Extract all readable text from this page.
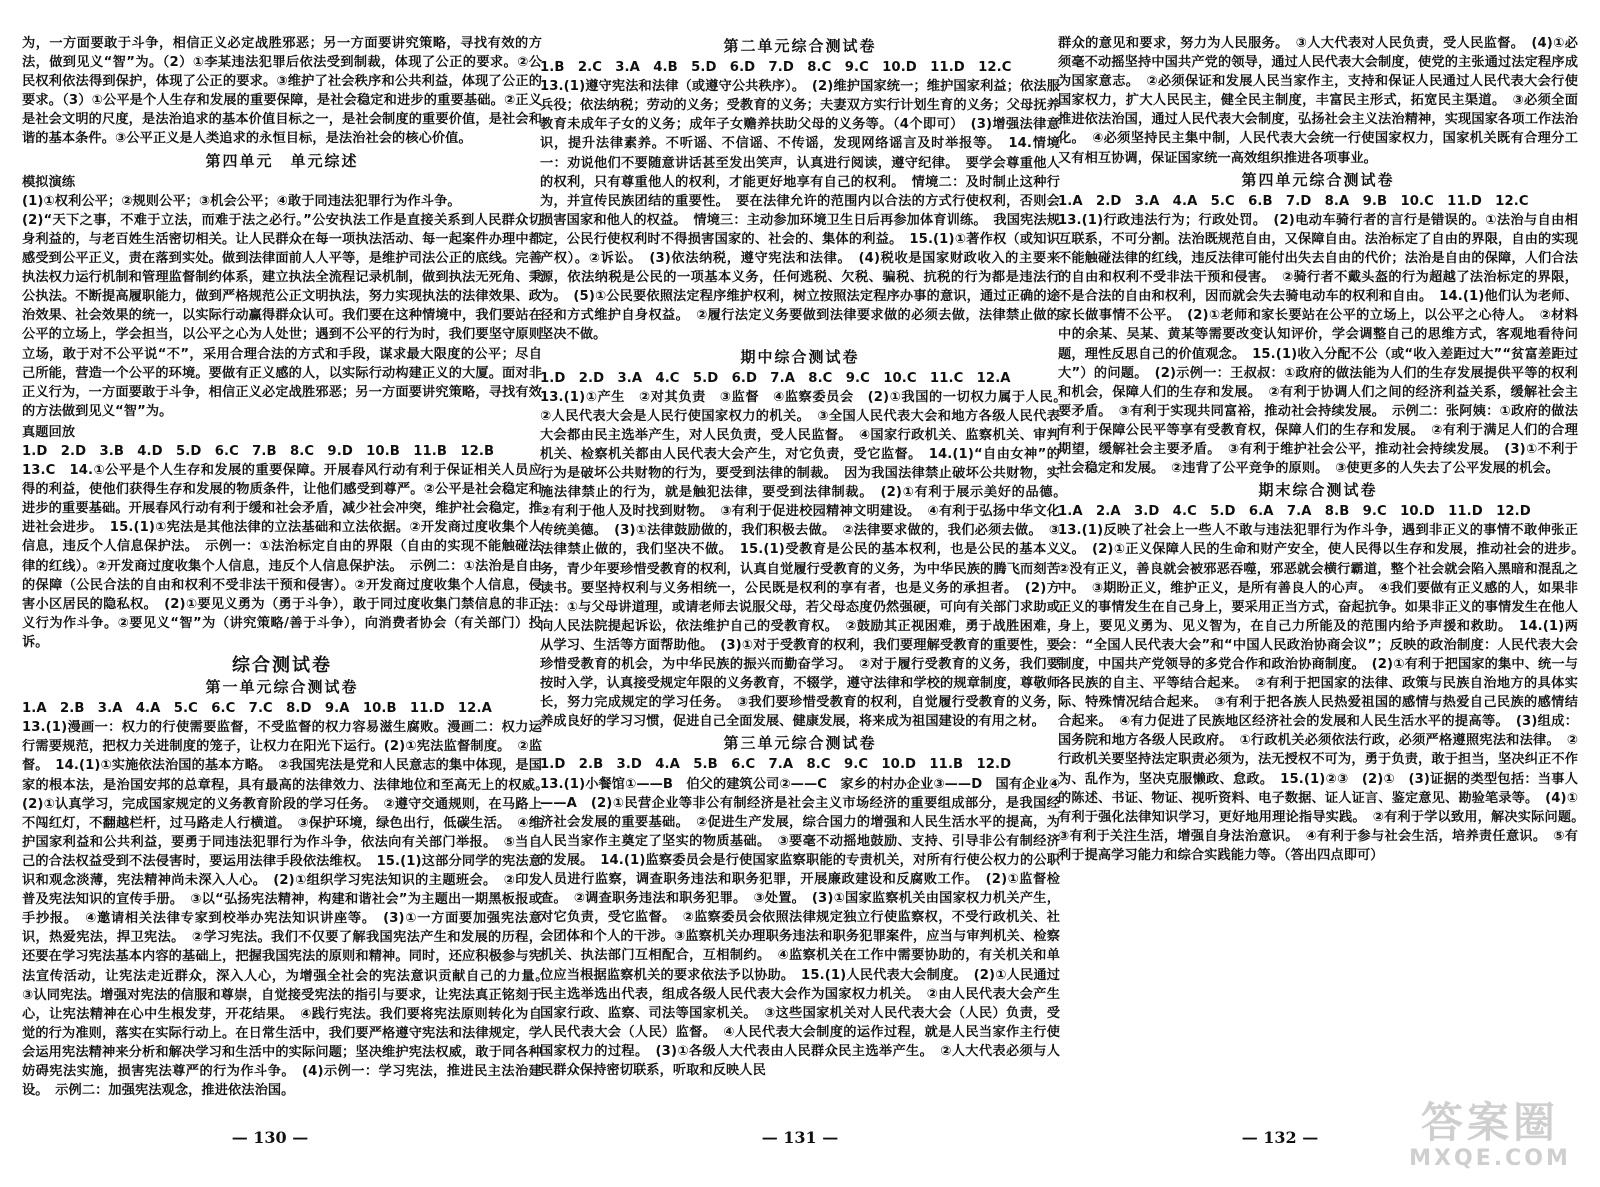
为，一方面要敢于斗争，相信正义必定战胜邪恶；另一方面要讲究策略，寻找有效的方法，做到见义“智”为。（2）①李某违法犯罪后依法受到制裁，体现了公正的要求。②公民权利依法得到保护，体现了公正的要求。③维护了社会秩序和公共利益，体现了公正的要求。（3）①公平是个人生存和发展的重要保障，是社会稳定和进步的重要基础。②正义是社会文明的尺度，是法治追求的基本价值目标之一，是社会制度的重要价值，是社会和谐的基本条件。③公平正义是人类追求的永恒目标，是法治社会的核心价值。

第四单元　单元综述
模拟演练

(1)①权利公平；②规则公平；③机会公平；④敢于同违法犯罪行为作斗争。

(2)“天下之事，不难于立法，而难于法之必行。”公安执法工作是直接关系到人民群众切身利益的，与老百姓生活密切相关。让人民群众在每一项执法活动、每一起案件办理中都感受到公平正义，责在落到实处。做到法律面前人人平等，是维护司法公正的底线。完善执法权力运行机制和管理监督制约体系，建立执法全流程记录机制，做到执法无死角、秉公执法。不断提高履职能力，做到严格规范公正文明执法，努力实现执法的法律效果、政治效果、社会效果的统一，以实际行动赢得群众认可。我们要在这种情境中，我们要站在公平的立场上，学会担当，以公平之心为人处世；遇到不公平的行为时，我们要坚守原则立场，敢于对不公平说“不”，采用合理合法的方式和手段，谋求最大限度的公平；尽自己所能，营造一个公平的环境。要做有正义感的人，以实际行动构建正义的大厦。面对非正义行为，一方面要敢于斗争，相信正义必定战胜邪恶；另一方面要讲究策略，寻找有效的方法做到见义“智”为。

真题回放

1.D　2.D　3.B　4.D　5.D　6.C　7.B　8.C　9.D　10.B　11.B　12.B

13.C　14.①公平是个人生存和发展的重要保障。开展春风行动有利于保证相关人员应得的利益，使他们获得生存和发展的物质条件，让他们感受到尊严。②公平是社会稳定和进步的重要基础。开展春风行动有利于缓和社会矛盾，减少社会冲突，维护社会稳定，推进社会进步。　15.(1)①宪法是其他法律的立法基础和立法依据。②开发商过度收集个人信息，违反个人信息保护法。　示例一：①法治标定自由的界限（自由的实现不能触碰法律的红线）。②开发商过度收集个人信息，违反个人信息保护法。　示例二：①法治是自由的保障（公民合法的自由和权利不受非法干预和侵害）。②开发商过度收集个人信息，侵害小区居民的隐私权。　(2)①要见义勇为（勇于斗争），敢于同过度收集门禁信息的非正义行为作斗争。②要见义“智”为（讲究策略/善于斗争），向消费者协会（有关部门）投诉。

综合测试卷
第一单元综合测试卷

1.A　2.B　3.A　4.A　5.C　6.C　7.C　8.D　9.A　10.B　11.D　12.A

13.(1)漫画一：权力的行使需要监督，不受监督的权力容易滋生腐败。漫画二：权力运行需要规范，把权力关进制度的笼子，让权力在阳光下运行。(2)①宪法监督制度。　②监督。　14.(1)①实施依法治国的基本方略。　②我国宪法是党和人民意志的集中体现，是国家的根本法，是治国安邦的总章程，具有最高的法律效力、法律地位和至高无上的权威。　(2)①认真学习，完成国家规定的义务教育阶段的学习任务。　②遵守交通规则，在马路上不闯红灯，不翻越栏杆，过马路走人行横道。　③保护环境，绿色出行，低碳生活。　④维护国家利益和公共利益，要勇于同违法犯罪行为作斗争，依法向有关部门举报。　⑤当自己的合法权益受到不法侵害时，要运用法律手段依法维权。　15.(1)这部分同学的宪法意识和观念淡薄，宪法精神尚未深入人心。　(2)①组织学习宪法知识的主题班会。　②印发普及宪法知识的宣传手册。　③以“弘扬宪法精神，构建和谐社会”为主题出一期黑板报或手抄报。　④邀请相关法律专家到校举办宪法知识讲座等。　(3)①一方面要加强宪法意识，热爱宪法，捍卫宪法。　②学习宪法。我们不仅要了解我国宪法产生和发展的历程，还要在学习宪法基本内容的基础上，把握我国宪法的原则和精神。同时，还应积极参与宪法宣传活动，让宪法走近群众，深入人心，为增强全社会的宪法意识贡献自己的力量。　③认同宪法。增强对宪法的信服和尊崇，自觉接受宪法的指引与要求，让宪法真正铭刻于心，让宪法精神在心中生根发芽，开花结果。　④践行宪法。我们要将宪法原则转化为自觉的行为准则，落实在实际行动上。在日常生活中，我们要严格遵守宪法和法律规定，学会运用宪法精神来分析和解决学习和生活中的实际问题；坚决维护宪法权威，敢于同各种妨碍宪法实施，损害宪法尊严的行为作斗争。　(4)示例一：学习宪法，推进民主法治建设。　示例二：加强宪法观念，推进依法治国。

第二单元综合测试卷

1.B　2.C　3.A　4.B　5.D　6.D　7.D　8.C　9.C　10.D　11.D　12.C

13.(1)遵守宪法和法律（或遵守公共秩序）。　(2)维护国家统一；维护国家利益；依法服兵役；依法纳税；劳动的义务；受教育的义务；夫妻双方实行计划生育的义务；父母抚养教育未成年子女的义务；成年子女赡养扶助父母的义务等。（4个即可）　(3)增强法律意识，提升法律素养。不听谣、不信谣、不传谣，发现网络谣言及时举报等。　14.情境一：劝说他们不要随意讲话甚至发出笑声，认真进行阅读，遵守纪律。　要学会尊重他人的权利，只有尊重他人的权利，才能更好地享有自己的权利。　情境二：及时制止这种行为，并宣传民族团结的重要性。　要在法律允许的范围内以合法的方式行使权利，否则会损害国家和他人的权益。　情境三：主动参加环境卫生日后再参加体育训练。　我国宪法规定，公民行使权利时不得损害国家的、社会的、集体的利益。　15.(1)①著作权（或知识产权）。②诉讼。　(3)依法纳税，遵守宪法和法律。　(4)税收是国家财政收入的主要来源，依法纳税是公民的一项基本义务，任何逃税、欠税、骗税、抗税的行为都是违法行为。　(5)①公民要依照法定程序维护权利，树立按照法定程序办事的意识，通过正确的途径和方式维护自身权益。　②履行法定义务要做到法律要求做的必须去做，法律禁止做的坚决不做。

期中综合测试卷

1.D　2.D　3.A　4.C　5.D　6.D　7.A　8.C　9.C　10.C　11.C　12.A

13.(1)①产生　②对其负责　③监督　④监察委员会　(2)①我国的一切权力属于人民。　②人民代表大会是人民行使国家权力的机关。　③全国人民代表大会和地方各级人民代表大会都由民主选举产生，对人民负责，受人民监督。　④国家行政机关、监察机关、审判机关、检察机关都由人民代表大会产生，对它负责，受它监督。　14.(1)“自由女神”的行为是破坏公共财物的行为，要受到法律的制裁。　因为我国法律禁止破坏公共财物，实施法律禁止的行为，就是触犯法律，要受到法律制裁。　(2)①有利于展示美好的品德。　②有利于他人及时找到财物。　③有利于促进校园精神文明建设。　④有利于弘扬中华文化传统美德。　(3)①法律鼓励做的，我们积极去做。　②法律要求做的，我们必须去做。　③法律禁止做的，我们坚决不做。　15.(1)受教育是公民的基本权利，也是公民的基本义务，青少年要珍惜受教育的权利，认真自觉履行受教育的义务，为中华民族的腾飞而刻苦读书。要坚持权利与义务相统一，公民既是权利的享有者，也是义务的承担者。　(2)方法：①与父母讲道理，或请老师去说服父母，若父母态度仍然强硬，可向有关部门求助或向人民法院提起诉讼，依法维护自己的受教育权。　②鼓励其正视困难，勇于战胜困难，从学习、生活等方面帮助他。　(3)①对于受教育的权利，我们要理解受教育的重要性，要珍惜受教育的机会，为中华民族的振兴而勤奋学习。　②对于履行受教育的义务，我们要按时入学，认真接受规定年限的义务教育，不辍学，遵守法律和学校的规章制度，尊敬师长，努力完成规定的学习任务。　③我们要珍惜受教育的权利，自觉履行受教育的义务，养成良好的学习习惯，促进自己全面发展、健康发展，将来成为祖国建设的有用之材。

第三单元综合测试卷

1.D　2.B　3.D　4.A　5.B　6.C　7.A　8.C　9.C　10.D　11.B　12.D

13.(1)小餐馆①——B　伯父的建筑公司②——C　家乡的村办企业③——D　国有企业④——A　(2)①民营企业等非公有制经济是社会主义市场经济的重要组成部分，是我国经济社会发展的重要基础。　②促进生产发展，综合国力的增强和人民生活水平的提高，为人民当家作主奠定了坚实的物质基础。　③要毫不动摇地鼓励、支持、引导非公有制经济的发展。　14.(1)监察委员会是行使国家监察职能的专责机关，对所有行使公权力的公职人员进行监察，调查职务违法和职务犯罪，开展廉政建设和反腐败工作。　(2)①监督检查。　②调查职务违法和职务犯罪。　③处置。　(3)①国家监察机关由国家权力机关产生，对它负责，受它监督。　②监察委员会依照法律规定独立行使监察权，不受行政机关、社会团体和个人的干涉。③监察机关办理职务违法和职务犯罪案件，应当与审判机关、检察机关、执法部门互相配合，互相制约。　④监察机关在工作中需要协助的，有关机关和单位应当根据监察机关的要求依法予以协助。　15.(1)人民代表大会制度。　(2)①人民通过民主选举选出代表，组成各级人民代表大会作为国家权力机关。　②由人民代表大会产生国家行政、监察、司法等国家机关。　③这些国家机关对人民代表大会（人民）负责，受人民代表大会（人民）监督。　④人民代表大会制度的运作过程，就是人民当家作主行使国家权力的过程。　(3)①各级人大代表由人民群众民主选举产生。　②人大代表必须与人民群众保持密切联系，听取和反映人民

群众的意见和要求，努力为人民服务。　③人大代表对人民负责，受人民监督。　(4)①必须毫不动摇坚持中国共产党的领导，通过人民代表大会制度，使党的主张通过法定程序成为国家意志。　②必须保证和发展人民当家作主，支持和保证人民通过人民代表大会行使国家权力，扩大人民民主，健全民主制度，丰富民主形式，拓宽民主渠道。　③必须全面推进依法治国，通过人民代表大会制度，弘扬社会主义法治精神，实现国家各项工作法治化。　④必须坚持民主集中制，人民代表大会统一行使国家权力，国家机关既有合理分工又有相互协调，保证国家统一高效组织推进各项事业。

第四单元综合测试卷

1.A　2.D　3.A　4.A　5.C　6.B　7.D　8.A　9.B　10.C　11.D　12.C

13.(1)行政违法行为；行政处罚。　(2)电动车骑行者的言行是错误的。①法治与自由相互联系，不可分割。法治既规范自由，又保障自由。法治标定了自由的界限，自由的实现不能触碰法律的红线，违反法律可能付出失去自由的代价；法治是自由的保障，人们合法的自由和权利不受非法干预和侵害。　②骑行者不戴头盔的行为超越了法治标定的界限，不是合法的自由和权利，因而就会失去骑电动车的权利和自由。　14.(1)他们认为老师、家长做事情不公平。　(2)①老师和家长要站在公平的立场上，以公平之心待人。　②材料中的余某、吴某、黄某等需要改变认知评价，学会调整自己的思维方式，客观地看待问题，理性反思自己的价值观念。　15.(1)收入分配不公（或“收入差距过大”“贫富差距过大”）的问题。　(2)示例一：王叔叔：①政府的做法能为人们的生存发展提供平等的权利和机会，保障人们的生存和发展。　②有利于协调人们之间的经济利益关系，缓解社会主要矛盾。　③有利于实现共同富裕，推动社会持续发展。　示例二：张阿姨：①政府的做法有利于保障公民平等享有受教育权，保障人们的生存和发展。　②有利于满足人们的合理期望，缓解社会主要矛盾。　③有利于维护社会公平，推动社会持续发展。　(3)①不利于社会稳定和发展。　②违背了公平竞争的原则。　③使更多的人失去了公平发展的机会。

期末综合测试卷

1.A　2.A　3.D　4.C　5.D　6.A　7.A　8.B　9.C　10.D　11.D　12.D

13.(1)反映了社会上一些人不敢与违法犯罪行为作斗争，遇到非正义的事情不敢伸张正义。　(2)①正义保障人民的生命和财产安全，使人民得以生存和发展，推动社会的进步。　②没有正义，善良就会被邪恶吞噬，邪恶就会横行霸道，整个社会就会陷入黑暗和混乱之中。　③期盼正义，维护正义，是所有善良人的心声。　④我们要做有正义感的人，如果非正义的事情发生在自己身上，要采用正当方式，奋起抗争。如果非正义的事情发生在他人身上，要见义勇为、见义智为，在自己力所能及的范围内给予声援和救助。　14.(1)两会：“全国人民代表大会”和“中国人民政治协商会议”；反映的政治制度：人民代表大会制度，中国共产党领导的多党合作和政治协商制度。　(2)①有利于把国家的集中、统一与各民族的自主、平等结合起来。　②有利于把国家的法律、政策与民族自治地方的具体实际、特殊情况结合起来。　③有利于把各族人民热爱祖国的感情与热爱自己民族的感情结合起来。　④有力促进了民族地区经济社会的发展和人民生活水平的提高等。　(3)组成：国务院和地方各级人民政府。　①行政机关必须依法行政，必须严格遵照宪法和法律。　②行政机关要坚持法定职责必须为，法无授权不可为，勇于负责，敢于担当，坚决纠正不作为、乱作为，坚决克服懒政、怠政。　15.(1)②③　(2)①　(3)证据的类型包括：当事人的陈述、书证、物证、视听资料、电子数据、证人证言、鉴定意见、勘验笔录等。　(4)①有利于强化法律知识学习，更好地用理论指导实践。　②有利于学以致用，解决实际问题。　③有利于关注生活，增强自身法治意识。　④有利于参与社会生活，培养责任意识。　⑤有利于提高学习能力和综合实践能力等。（答出四点即可）

— 130 —	— 131 —	— 132 —	答案圈
MXQE.COM
